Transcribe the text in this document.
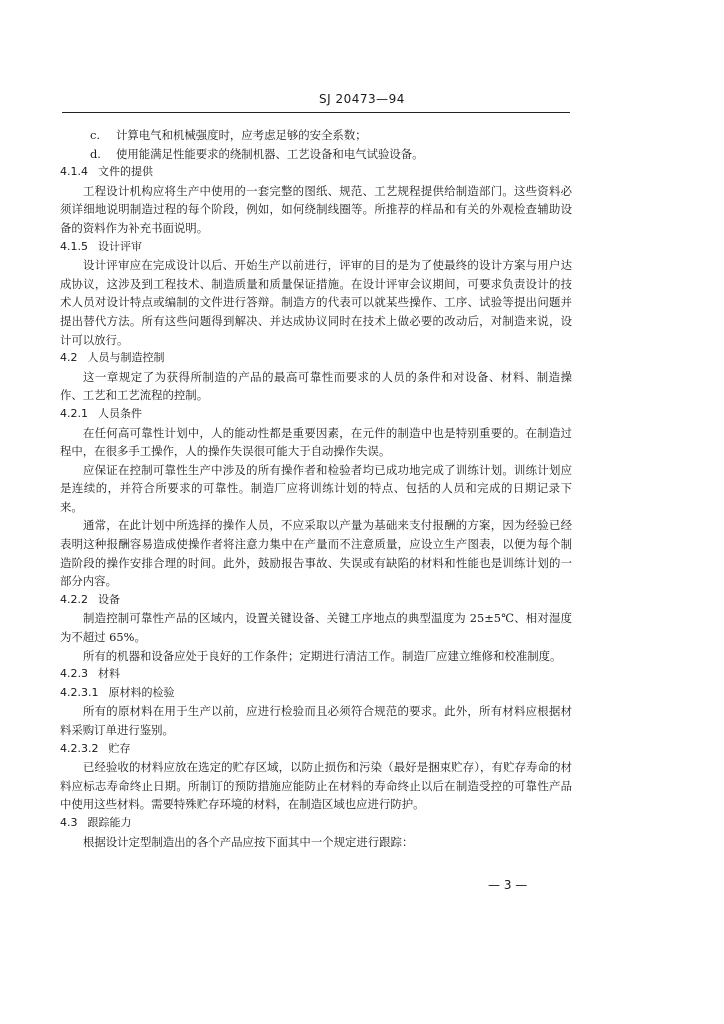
SJ 20473—94
c. 计算电气和机械强度时，应考虑足够的安全系数；
d. 使用能满足性能要求的绕制机器、工艺设备和电气试验设备。
4.1.4 文件的提供
工程设计机构应将生产中使用的一套完整的图纸、规范、工艺规程提供给制造部门。这些资料必须详细地说明制造过程的每个阶段，例如，如何绕制线圈等。所推荐的样品和有关的外观检查辅助设备的资料作为补充书面说明。
4.1.5 设计评审
设计评审应在完成设计以后、开始生产以前进行，评审的目的是为了使最终的设计方案与用户达成协议，这涉及到工程技术、制造质量和质量保证措施。在设计评审会议期间，可要求负责设计的技术人员对设计特点或编制的文件进行答辩。制造方的代表可以就某些操作、工序、试验等提出问题并提出替代方法。所有这些问题得到解决、并达成协议同时在技术上做必要的改动后，对制造来说，设计可以放行。
4.2 人员与制造控制
这一章规定了为获得所制造的产品的最高可靠性而要求的人员的条件和对设备、材料、制造操作、工艺和工艺流程的控制。
4.2.1 人员条件
在任何高可靠性计划中，人的能动性都是重要因素，在元件的制造中也是特别重要的。在制造过程中，在很多手工操作，人的操作失误很可能大于自动操作失误。
应保证在控制可靠性生产中涉及的所有操作者和检验者均已成功地完成了训练计划。训练计划应是连续的，并符合所要求的可靠性。制造厂应将训练计划的特点、包括的人员和完成的日期记录下来。
通常，在此计划中所选择的操作人员，不应采取以产量为基础来支付报酬的方案，因为经验已经表明这种报酬容易造成使操作者将注意力集中在产量而不注意质量，应设立生产图表，以便为每个制造阶段的操作安排合理的时间。此外，鼓励报告事故、失误或有缺陷的材料和性能也是训练计划的一部分内容。
4.2.2 设备
制造控制可靠性产品的区域内，设置关键设备、关键工序地点的典型温度为 25±5℃、相对湿度为不超过 65%。
所有的机器和设备应处于良好的工作条件；定期进行清洁工作。制造厂应建立维修和校准制度。
4.2.3 材料
4.2.3.1 原材料的检验
所有的原材料在用于生产以前，应进行检验而且必须符合规范的要求。此外，所有材料应根据材料采购订单进行鉴别。
4.2.3.2 贮存
已经验收的材料应放在选定的贮存区域，以防止损伤和污染（最好是捆束贮存），有贮存寿命的材料应标志寿命终止日期。所制订的预防措施应能防止在材料的寿命终止以后在制造受控的可靠性产品中使用这些材料。需要特殊贮存环境的材料，在制造区域也应进行防护。
4.3 跟踪能力
根据设计定型制造出的各个产品应按下面其中一个规定进行跟踪：
— 3 —
